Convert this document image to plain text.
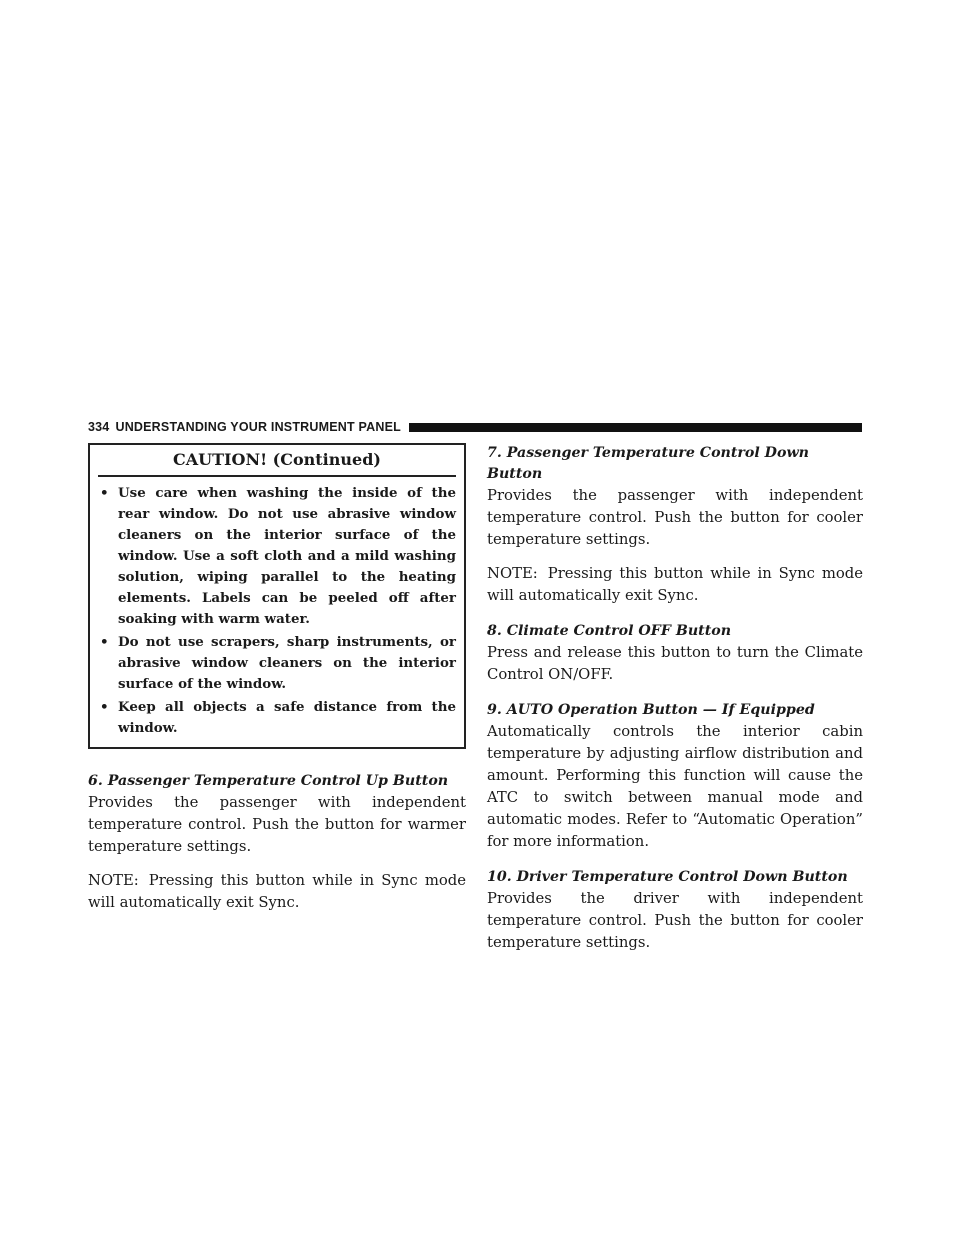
334 UNDERSTANDING YOUR INSTRUMENT PANEL
CAUTION! (Continued)
• Use care when washing the inside of the rear window. Do not use abrasive window cleaners on the interior surface of the window. Use a soft cloth and a mild washing solution, wiping parallel to the heating elements. Labels can be peeled off after soaking with warm water.
• Do not use scrapers, sharp instruments, or abrasive window cleaners on the interior surface of the window.
• Keep all objects a safe distance from the window.
6. Passenger Temperature Control Up Button
Provides the passenger with independent temperature control. Push the button for warmer temperature settings.
NOTE: Pressing this button while in Sync mode will automatically exit Sync.
7. Passenger Temperature Control Down Button
Provides the passenger with independent temperature control. Push the button for cooler temperature settings.
NOTE: Pressing this button while in Sync mode will automatically exit Sync.
8. Climate Control OFF Button
Press and release this button to turn the Climate Control ON/OFF.
9. AUTO Operation Button — If Equipped
Automatically controls the interior cabin temperature by adjusting airflow distribution and amount. Performing this function will cause the ATC to switch between manual mode and automatic modes. Refer to “Automatic Operation” for more information.
10. Driver Temperature Control Down Button
Provides the driver with independent temperature control. Push the button for cooler temperature settings.
